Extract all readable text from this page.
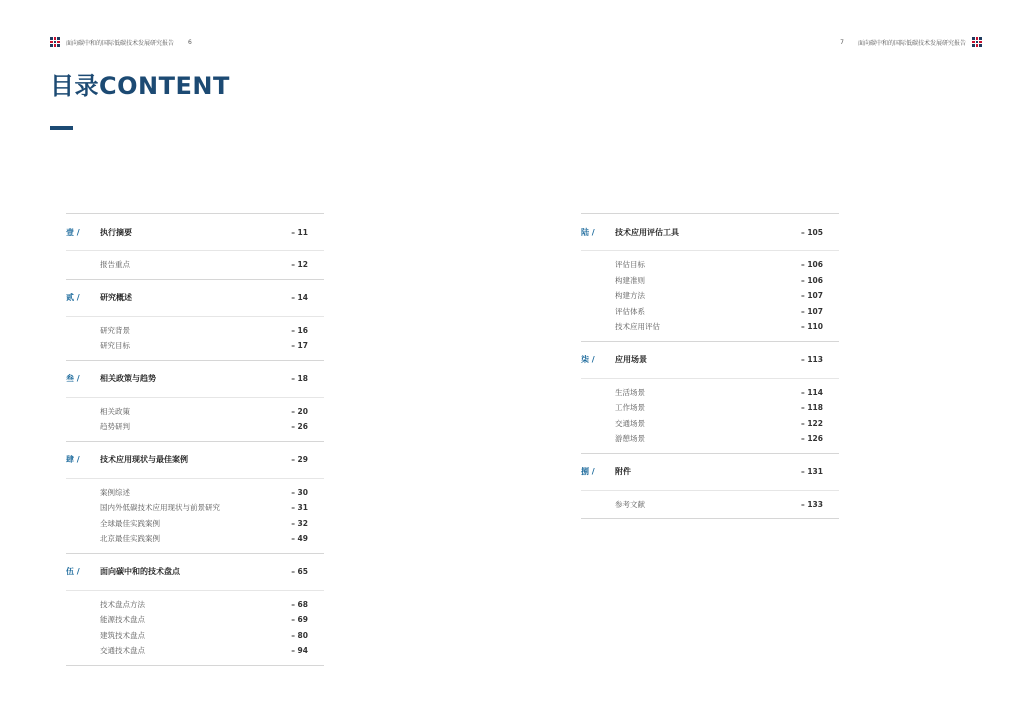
面向碳中和的国际低碳技术发展研究报告 6	7 面向碳中和的国际低碳技术发展研究报告
目录CONTENT
壹 /	执行摘要	– 11
报告重点	– 12
贰 /	研究概述	– 14
研究背景	– 16
研究目标	– 17
叁 /	相关政策与趋势	– 18
相关政策	– 20
趋势研判	– 26
肆 /	技术应用现状与最佳案例	– 29
案例综述	– 30
国内外低碳技术应用现状与前景研究	– 31
全球最佳实践案例	– 32
北京最佳实践案例	– 49
伍 /	面向碳中和的技术盘点	– 65
技术盘点方法	– 68
能源技术盘点	– 69
建筑技术盘点	– 80
交通技术盘点	– 94
陆 /	技术应用评估工具	– 105
评估目标	– 106
构建准则	– 106
构建方法	– 107
评估体系	– 107
技术应用评估	– 110
柒 /	应用场景	– 113
生活场景	– 114
工作场景	– 118
交通场景	– 122
游憩场景	– 126
捌 /	附件	– 131
参考文献	– 133
